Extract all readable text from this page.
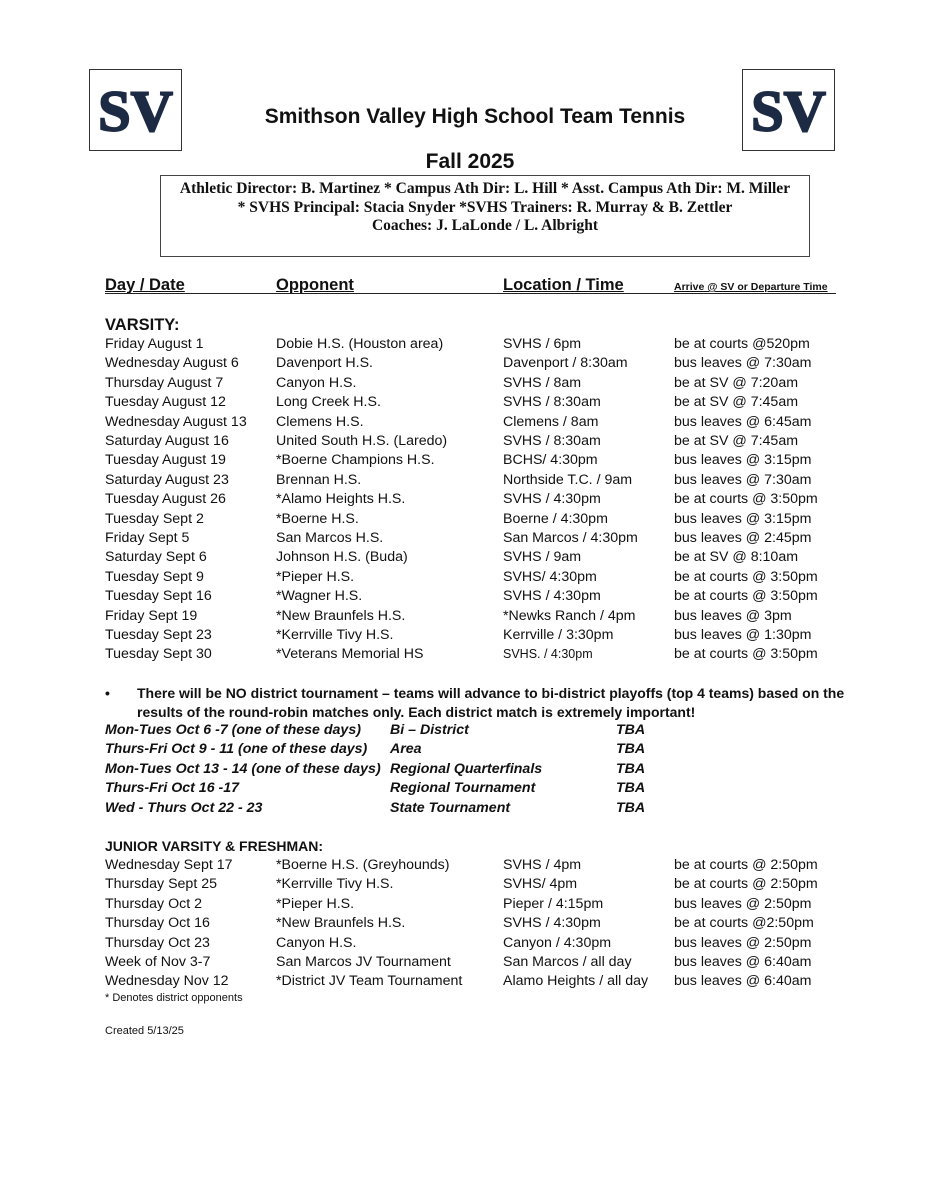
SV	SV
Smithson Valley High School Team Tennis
Fall 2025
Athletic Director: B. Martinez * Campus Ath Dir: L. Hill * Asst. Campus Ath Dir: M. Miller
* SVHS Principal: Stacia Snyder *SVHS Trainers: R. Murray & B. Zettler
Coaches: J. LaLonde / L. Albright
Day / Date	Opponent	Location / Time	Arrive @ SV or Departure Time
VARSITY:
Friday August 1	Dobie H.S. (Houston area)	SVHS / 6pm	be at courts @520pm
Wednesday August 6	Davenport H.S.	Davenport / 8:30am	bus leaves @ 7:30am
Thursday August 7	Canyon H.S.	SVHS / 8am	be at SV @ 7:20am
Tuesday August 12	Long Creek H.S.	SVHS / 8:30am	be at SV @ 7:45am
Wednesday August 13 Clemens H.S.	Clemens / 8am	bus leaves @ 6:45am
Saturday August 16	United South H.S. (Laredo)	SVHS / 8:30am	be at SV @ 7:45am
Tuesday August 19	*Boerne Champions H.S.	BCHS/ 4:30pm	bus leaves @ 3:15pm
Saturday August 23	Brennan H.S.	Northside T.C. / 9am	bus leaves @ 7:30am
Tuesday August 26	*Alamo Heights H.S.	SVHS / 4:30pm	be at courts @ 3:50pm
Tuesday Sept 2	*Boerne H.S.	Boerne / 4:30pm	bus leaves @ 3:15pm
Friday Sept 5	San Marcos H.S.	San Marcos / 4:30pm	bus leaves @ 2:45pm
Saturday Sept 6	Johnson H.S. (Buda)	SVHS / 9am	be at SV @ 8:10am
Tuesday Sept 9	*Pieper H.S.	SVHS/ 4:30pm	be at courts @ 3:50pm
Tuesday Sept 16	*Wagner H.S.	SVHS / 4:30pm	be at courts @ 3:50pm
Friday Sept 19	*New Braunfels H.S.	*Newks Ranch / 4pm	bus leaves @ 3pm
Tuesday Sept 23	*Kerrville Tivy H.S.	Kerrville / 3:30pm	bus leaves @ 1:30pm
Tuesday Sept 30	*Veterans Memorial HS	SVHS. / 4:30pm	be at courts @ 3:50pm
•	There will be NO district tournament – teams will advance to bi-district playoffs (top 4 teams) based on the results of the round-robin matches only. Each district match is extremely important!
Mon-Tues Oct 6 -7 (one of these days) Bi – District	TBA
Thurs-Fri Oct 9 - 11 (one of these days) Area	TBA
Mon-Tues Oct 13 - 14 (one of these days) Regional Quarterfinals	TBA
Thurs-Fri Oct 16 -17	Regional Tournament	TBA
Wed - Thurs Oct 22 - 23	State Tournament	TBA
JUNIOR VARSITY & FRESHMAN:
Wednesday Sept 17	*Boerne H.S. (Greyhounds)	SVHS / 4pm	be at courts @ 2:50pm
Thursday Sept 25	*Kerrville Tivy H.S.	SVHS/ 4pm	be at courts @ 2:50pm
Thursday Oct 2	*Pieper H.S.	Pieper / 4:15pm	bus leaves @ 2:50pm
Thursday Oct 16	*New Braunfels H.S.	SVHS / 4:30pm	be at courts @2:50pm
Thursday Oct 23	Canyon H.S.	Canyon / 4:30pm	bus leaves @ 2:50pm
Week of Nov 3-7	San Marcos JV Tournament	San Marcos / all day	bus leaves @ 6:40am
Wednesday Nov 12	*District JV Team Tournament	Alamo Heights / all day bus leaves @ 6:40am
* Denotes district opponents
Created 5/13/25
